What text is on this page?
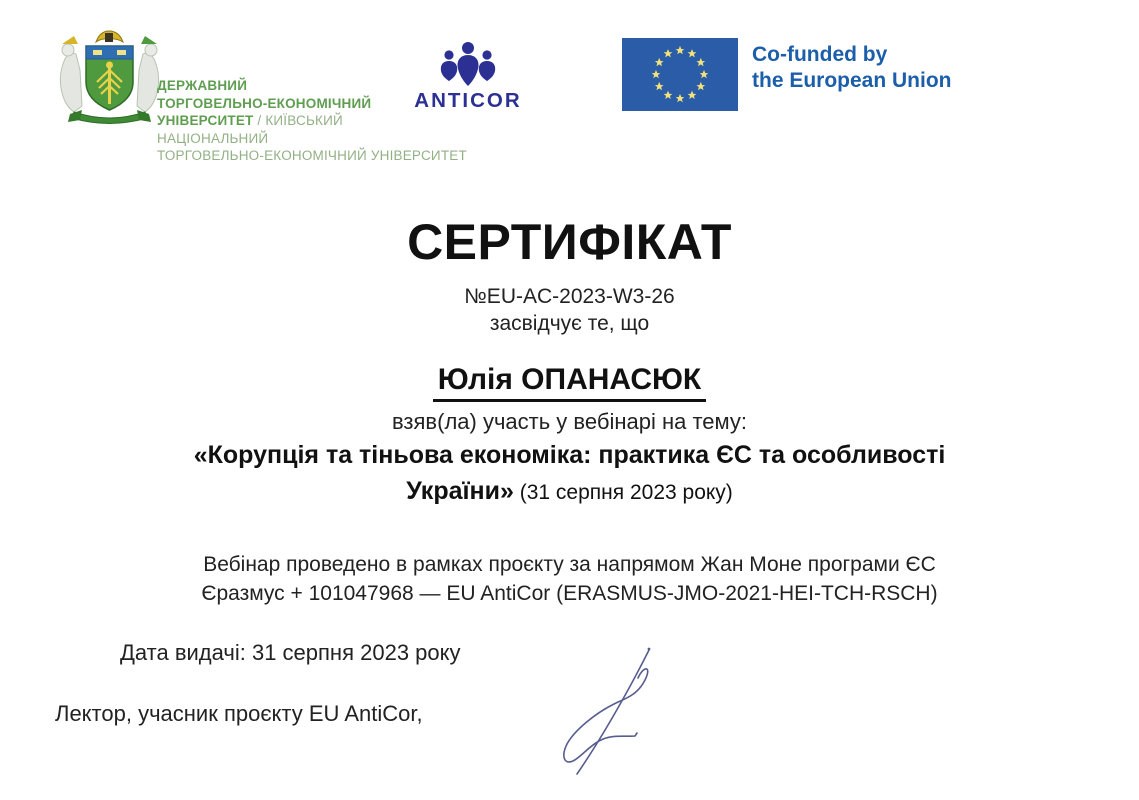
ДЕРЖАВНИЙ
ТОРГОВЕЛЬНО-ЕКОНОМІЧНИЙ
УНІВЕРСИТЕТ / КИЇВСЬКИЙ
НАЦІОНАЛЬНИЙ
ТОРГОВЕЛЬНО-ЕКОНОМІЧНИЙ УНІВЕРСИТЕТ
ANTICOR
Co-funded by
the European Union
СЕРТИФІКАТ
№EU-AC-2023-W3-26
засвідчує те, що
Юлія ОПАНАСЮК
взяв(ла) участь у вебінарі на тему:
«Корупція та тіньова економіка: практика ЄС та особливості
України» (31 серпня 2023 року)
Вебінар проведено в рамках проєкту за напрямом Жан Моне програми ЄС
Єразмус + 101047968 — EU AntiCor (ERASMUS-JMO-2021-HEI-TCH-RSCH)
Дата видачі: 31 серпня 2023 року
Лектор, учасник проєкту EU AntiCor,
